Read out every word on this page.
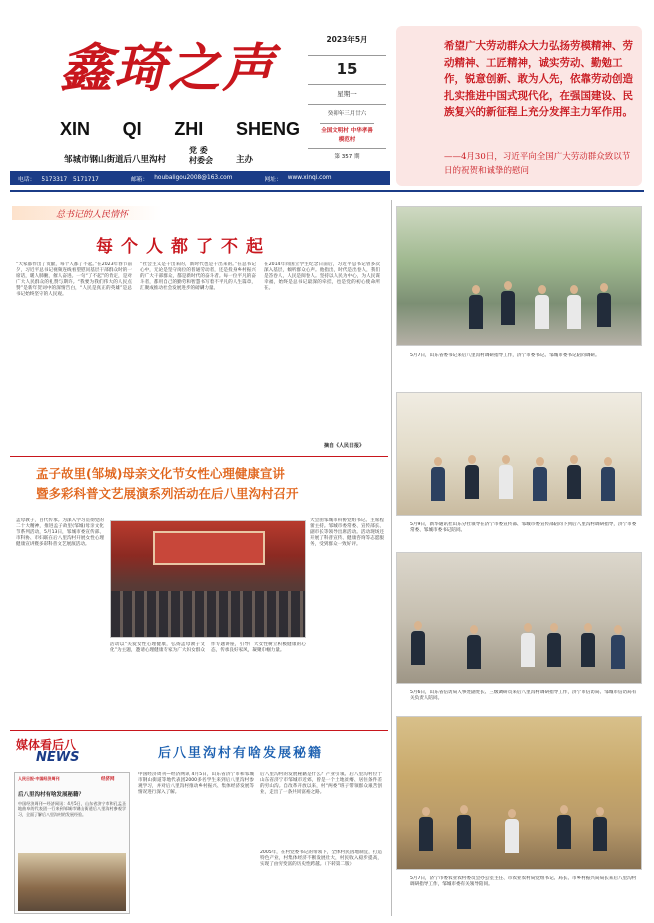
鑫琦之声
XIN QI ZHI SHENG
邹城市钢山街道后八里沟村
党 委
村委会	主办
2023年5月
15
星期一
癸卯年三月廿六
全国文明村 中华孝善模范村
第 357 期
希望广大劳动群众大力弘扬劳模精神、劳动精神、工匠精神，诚实劳动、勤勉工作，锐意创新、敢为人先，依靠劳动创造扎实推进中国式现代化，在强国建设、民族复兴的新征程上充分发挥主力军作用。
——4月30日，习近平向全国广大劳动群众致以节日的祝贺和诚挚的慰问
电话： 5173317　5171717	邮箱： houbaligou2008@163.com	网址： www.xinqi.com
总书记的人民情怀
每个人都了不起
“大家都作出了贡献，每个人都了不起。”在2023年春节前夕，习近平总书记视频连线看望慰问基层干部群众时的一席话，暖人肺腑，催人奋进。一句“了不起”的肯定，是对广大人民群众的礼赞与期许。“我要为我们伟大的人民点赞”是新年贺词中的深情告白，“人民是真正的英雄”是总书记始终坚守的人民观。
“社会主义是干出来的，新时代也是干出来的。”在总书记心中，无论是坚守岗位的普通劳动者，还是投身乡村振兴的广大干部群众，都是新时代的奋斗者。每一位平凡的奋斗者，都用自己的勤劳和智慧书写着不平凡的人生篇章，汇聚成推动社会发展进步的磅礴力量。
在2014年同国立学生纪念日前后，习近平总书记曾多次深入基层，倾听群众心声。他指出，时代是出卷人，我们是答卷人，人民是阅卷人。坚持以人民为中心，为人民谋幸福，始终是总书记最深的牵挂，也是党的初心使命所在。
摘自《人民日报》
孟子故里(邹城)母亲文化节女性心理健康宣讲
暨多彩科普文艺展演系列活动在后八里沟村召开
孟母教子，百代传承。为深入学习贯彻党的二十大精神，推进孟子故里(邹城)母亲文化节系列活动，5月13日，邹城市委宣传部、市科协、市妇联在后八里沟村开展女性心理健康宣讲暨多彩科普文艺展演活动。
活动以“关爱女性心理健康，弘扬孟母教子文化”为主题，邀请心理健康专家为广大妇女群众作专题讲座，引导广大女性树立积极健康的心态，传承良好家风，凝聚巾帼力量。
大会由邹城市科协党组书记、主席程蕾主持。邹城市委常委、宣传部长、副市长等领导出席活动。活动现场还开展了科普宣传、健康咨询等志愿服务，受到群众一致好评。
媒体看后八
NEWS	后八里沟村有啥发展秘籍
人民日报·中国经济周刊	经济网
后八里沟村有啥发展秘籍？
中国经济周刊—经济网讯：4月5日，山东省济宁市和孔孟圣地曲阜的代表团一行来到邹城市钢山街道后八里沟村参观学习，全面了解后八里沟村的发展经验。
中国经济周刊—经济网讯 4月5日，山东省济宁市和邹城市钢山街道等地代表团2000多名学生来到后八里沟村参观学习，并对后八里沟村推动乡村振兴、集体经济发展等情况进行深入了解。
后八里沟村的发展秘籍是什么？产业引领。后八里沟村位于山东省济宁市邹城市近郊，曾是一个土地贫瘠、居住条件差的穷山沟。自改革开放以来，村“两委”班子带领群众艰苦创业，走出了一条共同富裕之路。
2005年，在村党委书记的带领下，全体村民因地制宜，打造特色产业，村集体经济不断发展壮大，村民收入稳步提高，实现了由穷变富的历史性跨越。（下转第二版）
5月7日，山东省委书记来后八里沟村调研指导工作，济宁市委书记、邹城市委书记陪同调研。
5月9日，新华通讯社山东分社领导在济宁市委宣传部、邹城市委宣传部陪同下到后八里沟村调研指导，济宁市委常委、邹城市委书记陪同。
5月6日，山东省信访局人事处副处长、三级调研员来后八里沟村调研指导工作，济宁市信访局、邹城市信访局有关负责人陪同。
5月7日，济宁市委农业农村委员会办公室主任、市农业农村局党组书记、局长、市乡村振兴局局长来后八里沟村调研指导工作，邹城市委有关领导陪同。
